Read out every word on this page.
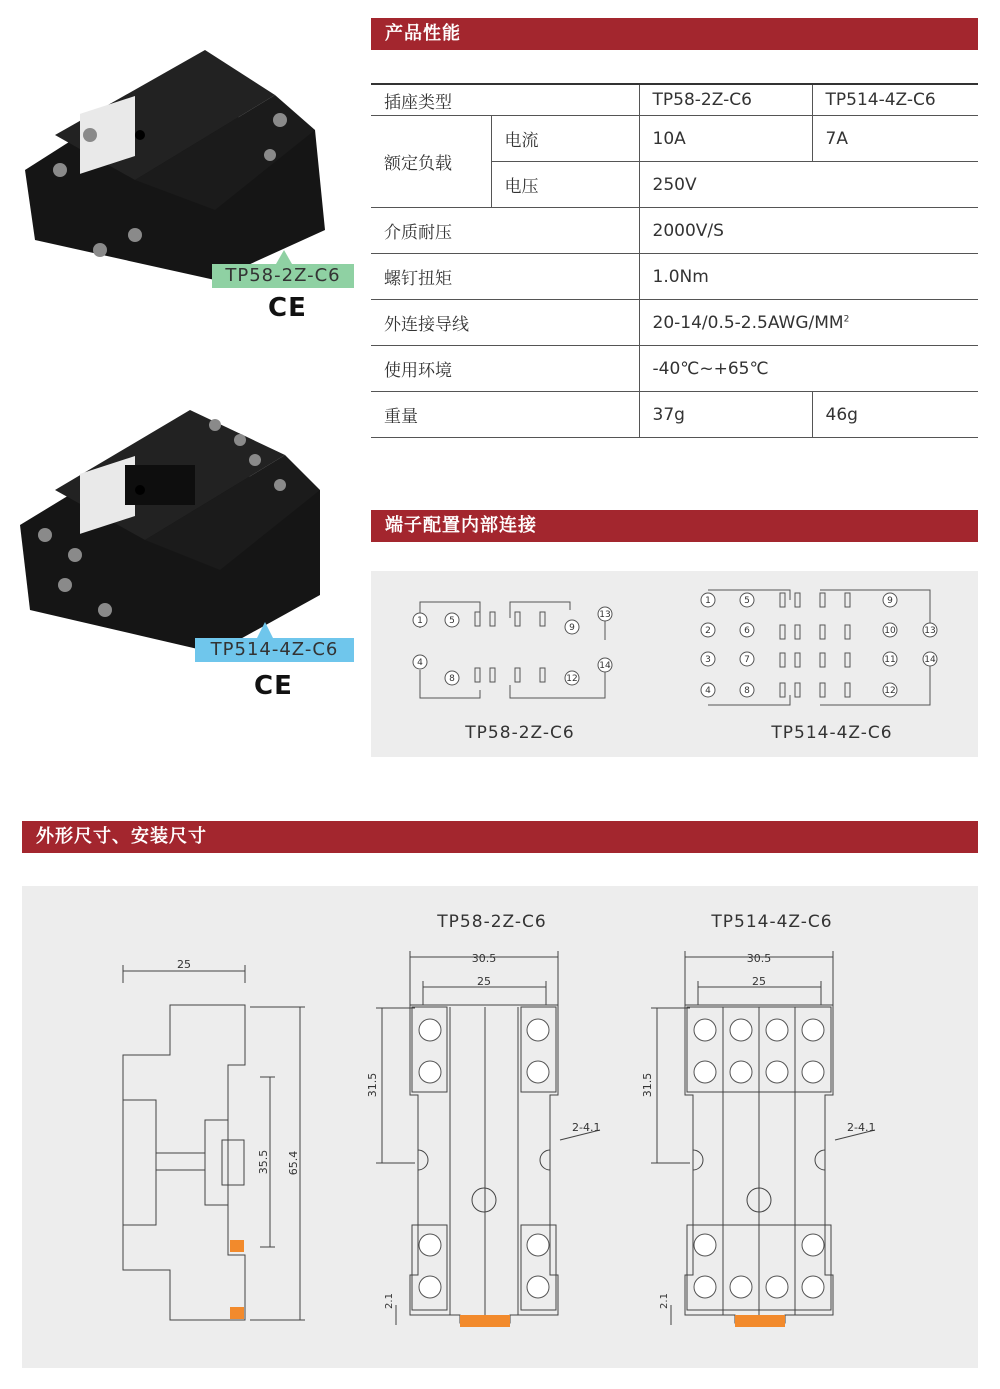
TP58-2Z-C6
CE
TP514-4Z-C6
CE
产品性能
插座类型		TP58-2Z-C6	TP514-4Z-C6
额定负载	电流	10A	7A
	电压	250V	
介质耐压		2000V/S	
螺钉扭矩		1.0Nm	
外连接导线		$20-14/0.5-2.5AWG/MM^2$
使用环境		-40℃~+65℃	
重量		37g	46g
端子配置内部连接
1	5
9
13
4
8	12
14
TP58-2Z-C6
1	5	9
13
2	6	10
3	7	11	14
4	8	12
TP514-4Z-C6
外形尺寸、安装尺寸
25
35.5 65.4
TP58-2Z-C6
30.5
25
31.5
2-4.1
2.1
TP514-4Z-C6
30.5
25
31.5
2-4.1
2.1
